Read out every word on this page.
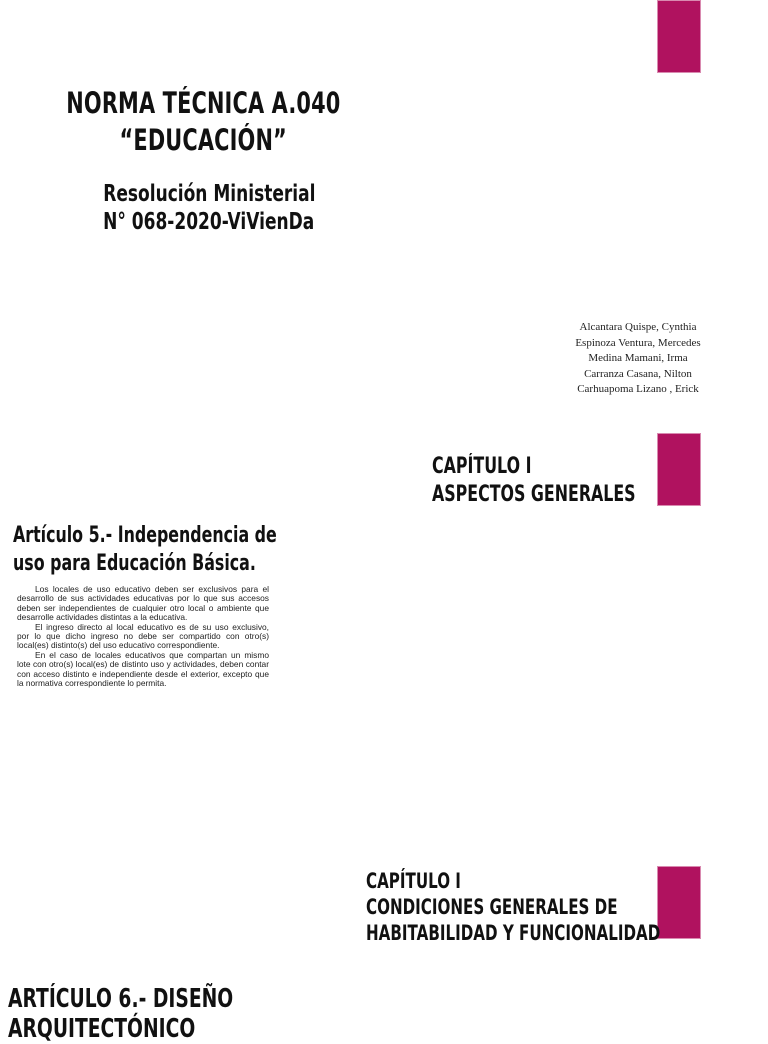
NORMA TÉCNICA A.040
“EDUCACIÓN”
Resolución Ministerial
N° 068-2020-ViVienDa
Alcantara Quispe, Cynthia
Espinoza Ventura, Mercedes
Medina Mamani, Irma
Carranza Casana, Nilton
Carhuapoma Lizano , Erick
CAPÍTULO I
ASPECTOS GENERALES
Artículo 5.- Independencia de
uso para Educación Básica.

Los locales de uso educativo deben ser exclusivos para el desarrollo de sus actividades educativas por lo que sus accesos deben ser independientes de cualquier otro local o ambiente que desarrolle actividades distintas a la educativa.

El ingreso directo al local educativo es de su uso exclusivo, por lo que dicho ingreso no debe ser compartido con otro(s) local(es) distinto(s) del uso educativo correspondiente.

En el caso de locales educativos que compartan un mismo lote con otro(s) local(es) de distinto uso y actividades, deben contar con acceso distinto e independiente desde el exterior, excepto que la normativa correspondiente lo permita.

CAPÍTULO I
CONDICIONES GENERALES DE
HABITABILIDAD Y FUNCIONALIDAD
ARTÍCULO 6.- DISEÑO
ARQUITECTÓNICO
